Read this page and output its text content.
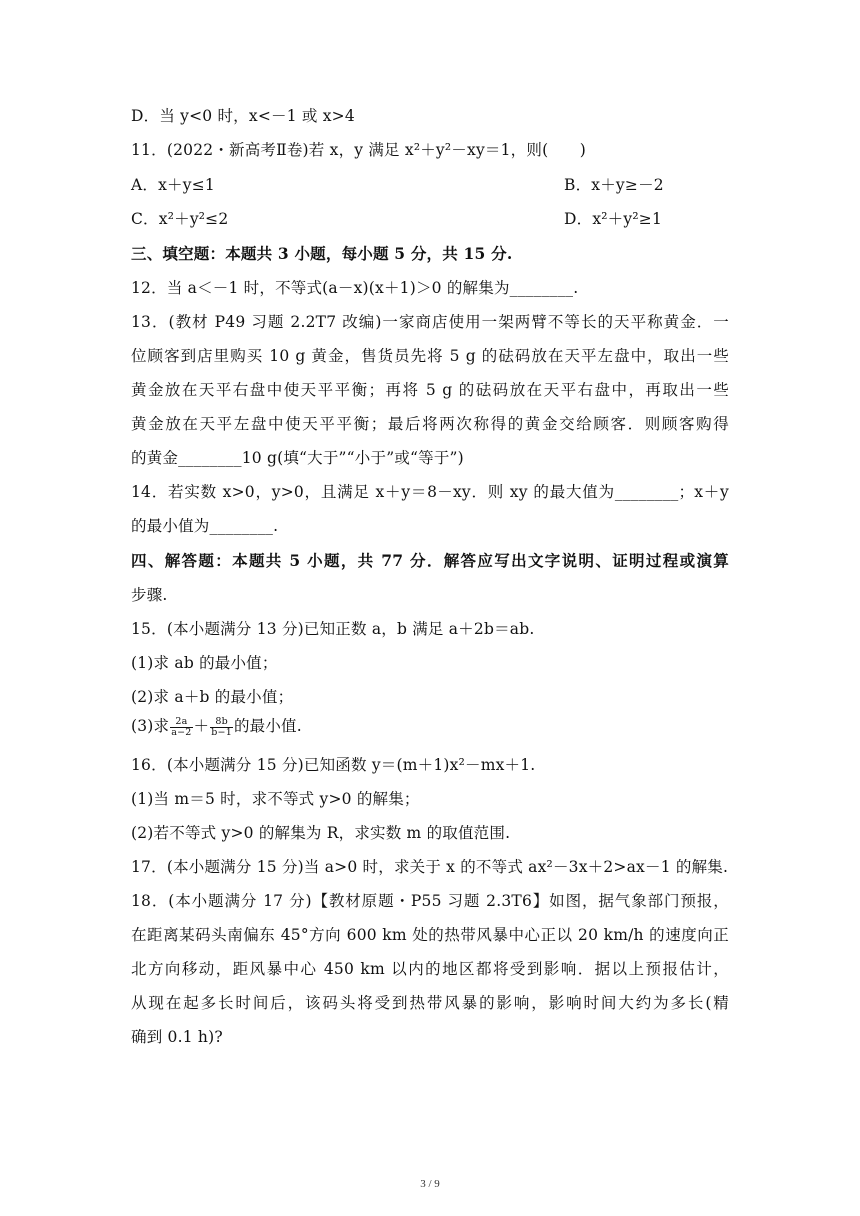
D．当 y<0 时，x<－1 或 x>4
11．(2022・新高考Ⅱ卷)若 x，y 满足 x²＋y²－xy＝1，则(　　)
A．x＋y≤1	B．x＋y≥－2
C．x²＋y²≤2	D．x²＋y²≥1
三、填空题：本题共 3 小题，每小题 5 分，共 15 分.
12．当 a＜－1 时，不等式(a－x)(x＋1)＞0 的解集为________.
13．(教材 P49 习题 2.2T7 改编)一家商店使用一架两臂不等长的天平称黄金．一
位顾客到店里购买 10 g 黄金，售货员先将 5 g 的砝码放在天平左盘中，取出一些
黄金放在天平右盘中使天平平衡；再将 5 g 的砝码放在天平右盘中，再取出一些
黄金放在天平左盘中使天平平衡；最后将两次称得的黄金交给顾客．则顾客购得
的黄金________10 g(填“大于”“小于”或“等于”)
14．若实数 x>0，y>0，且满足 x＋y＝8－xy．则 xy 的最大值为________；x＋y
的最小值为________.
四、解答题：本题共 5 小题，共 77 分．解答应写出文字说明、证明过程或演算
步骤.
15．(本小题满分 13 分)已知正数 a，b 满足 a＋2b＝ab.
(1)求 ab 的最小值；
(2)求 a＋b 的最小值；
(3)求 $\frac{2a}{a-2} + \frac{8b}{b-1}$ 的最小值.
16．(本小题满分 15 分)已知函数 y＝(m＋1)x²－mx＋1.
(1)当 m＝5 时，求不等式 y>0 的解集；
(2)若不等式 y>0 的解集为 R，求实数 m 的取值范围.
17．(本小题满分 15 分)当 a>0 时，求关于 x 的不等式 ax²－3x＋2>ax－1 的解集.
18．(本小题满分 17 分)【教材原题・P55 习题 2.3T6】如图，据气象部门预报，
在距离某码头南偏东 45°方向 600 km 处的热带风暴中心正以 20 km/h 的速度向正
北方向移动，距风暴中心 450 km 以内的地区都将受到影响．据以上预报估计，
从现在起多长时间后，该码头将受到热带风暴的影响，影响时间大约为多长(精
确到 0.1 h)?
3 / 9
